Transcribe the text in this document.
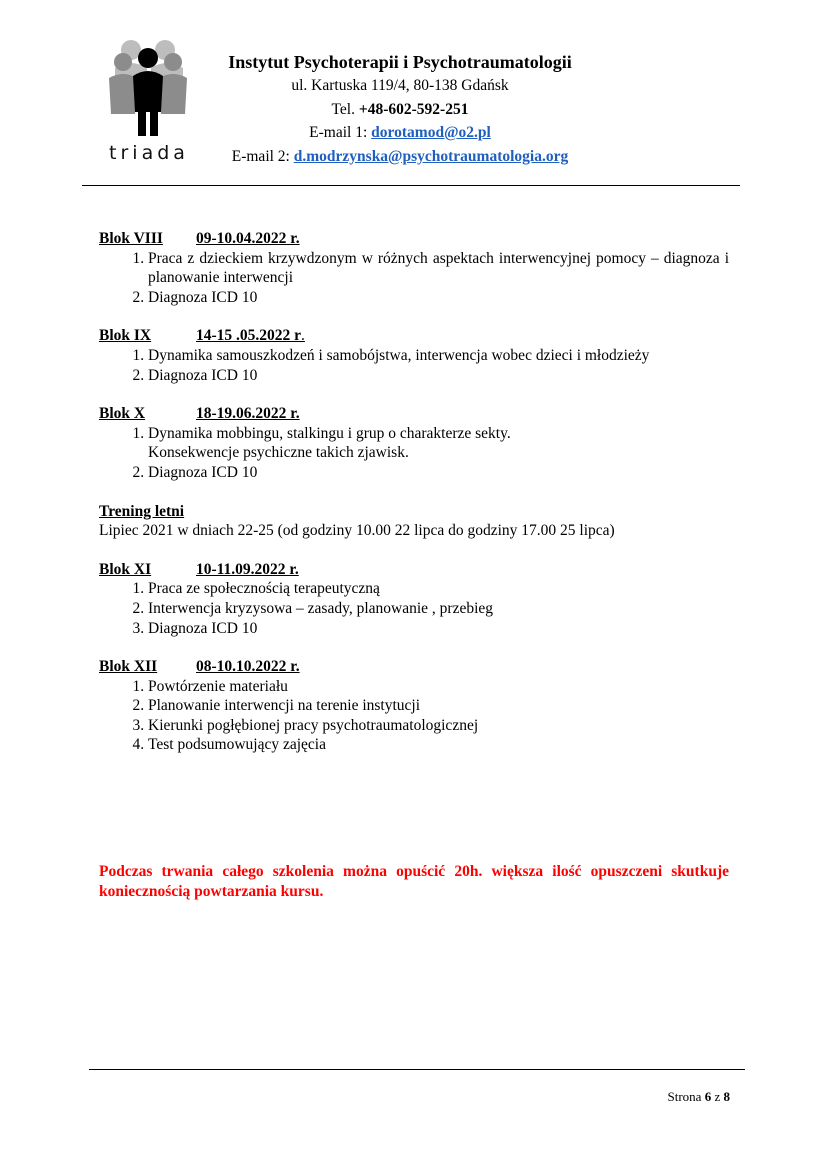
triada
Instytut Psychoterapii i Psychotraumatologii
ul. Kartuska 119/4, 80-138 Gdańsk
Tel. +48-602-592-251
E-mail 1: dorotamod@o2.pl
E-mail 2: d.modrzynska@psychotraumatologia.org
Blok VIII	09-10.04.2022 r.
1. Praca z dzieckiem krzywdzonym w różnych aspektach interwencyjnej pomocy – diagnoza i planowanie interwencji
2. Diagnoza ICD 10
Blok IX	14-15 .05.2022 r .
1. Dynamika samouszkodzeń i samobójstwa, interwencja wobec dzieci i młodzieży
2. Diagnoza ICD 10
Blok X	18-19.06.2022 r.
1. Dynamika mobbingu, stalkingu i grup o charakterze sekty.
Konsekwencje psychiczne takich zjawisk.
2. Diagnoza ICD 10
Trening letni
Lipiec 2021 w dniach 22-25 (od godziny 10.00 22 lipca do godziny 17.00 25 lipca)
Blok XI	10-11.09.2022 r.
1. Praca ze społecznością terapeutyczną
2. Interwencja kryzysowa – zasady, planowanie , przebieg
3. Diagnoza ICD 10
Blok XII	08-10.10.2022 r.
1. Powtórzenie materiału
2. Planowanie interwencji na terenie instytucji
3. Kierunki pogłębionej pracy psychotraumatologicznej
4. Test podsumowujący zajęcia
Podczas trwania całego szkolenia można opuścić 20h. większa ilość opuszczeni skutkuje koniecznością powtarzania kursu.
Strona 6 z 8
